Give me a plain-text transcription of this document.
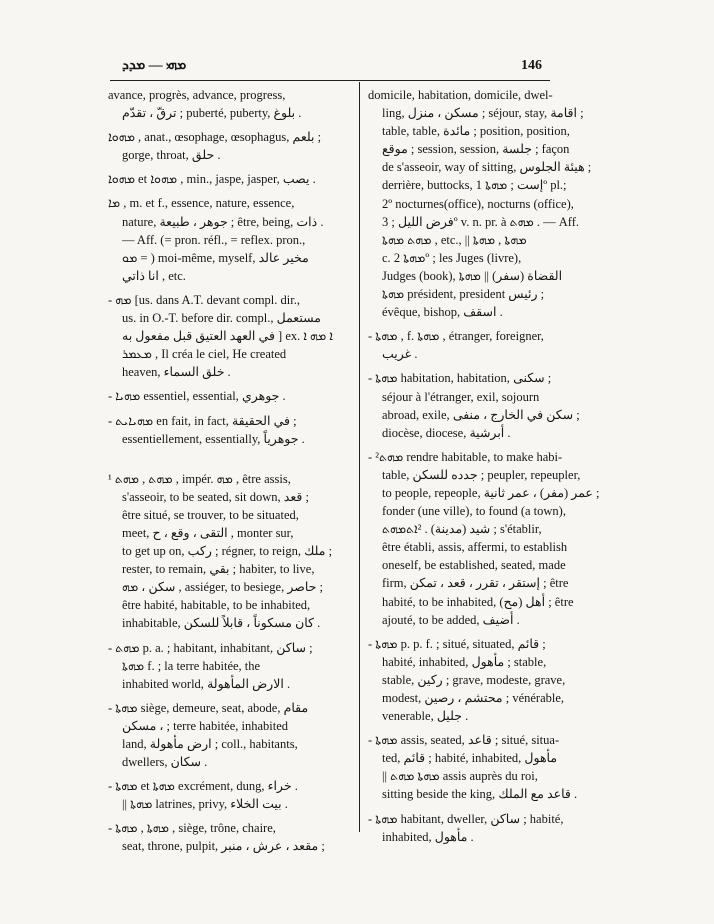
ܡܗܝ — ܡܕܕ	146
avance, progrès, advance, progress,
ترقّ ، تقدّم ; puberté, puberty, بلوغ .
ܡܗܘܐ , anat., œsophage, œsophagus, بلعم ;
gorge, throat, حلق .
ܡܗܘܐ et ܡܗܘܐ , min., jaspe, jasper, يصب .
ܡܐ , m. et f., essence, nature, essence,
nature, جوهر ، طبيعة ; être, being, ذات .
— Aff. (= pron. réfl., = reflex. pron.,
ܡܘ = ) moi-même, myself, مخير عالد
انا ذاتي , etc.
- ܡܗ [us. dans A.T. devant compl. dir.,
us. in O.-T. before dir. compl., مستعمل
في العهد العتيق قبل مفعول به ] ex. ܐ ܡܗ ܐ
ܡܥܡܪ , Il créa le ciel, He created
heaven, خلق السماء .
- ܡܗܝܐ essentiel, essential, جوهري .
- ܡܗܝܐܝܬ en fait, in fact, في الحقيقة ;
essentiellement, essentially, جوهرياً .
¹ ܡܗܬ , ܡܗܬ , impér. ܡܗ , être assis,
s'asseoir, to be seated, sit down, قعد ;
être situé, se trouver, to be situated,
meet, التقى ، وقع ، ح , monter sur,
to get up on, ركب ; régner, to reign, ملك ;
rester, to remain, بقي ; habiter, to live,
سكن ، ܡܗ , assiéger, to besiege, حاصر ;
être habité, habitable, to be inhabited,
inhabitable, كان مسكوناً ، قابلاً للسكن .
- ܡܗܬ p. a. ; habitant, inhabitant, ساكن ;
ܡܗܬܐ f. ; la terre habitée, the
inhabited world, الارض المأهولة .
- ܡܗܬܐ siège, demeure, seat, abode, مقام
مسكن ، ; terre habitée, inhabited
land, ارض مأهولة ; coll., habitants,
dwellers, سكان .
- ܡܗܬܐ et ܡܗܬܐ excrément, dung, خراء .
|| ܡܗܬܐ latrines, privy, بيت الخلاء .
- ܡܗܬܐ , ܡܗܬܐ , siège, trône, chaire,
seat, throne, pulpit, مقعد ، عرش ، منبر ;
domicile, habitation, domicile, dwel-
ling, مسكن ، منزل ; séjour, stay, اقامة ;
table, table, مائدة ; position, position,
موقع ; session, session, جلسة ; façon
de s'asseoir, way of sitting, هيئة الجلوس ;
derrière, buttocks, إست ; ܡܗܬܐ 1º pl.;
2º nocturnes(office), nocturns (office),
فرض الليل ; 3º v. n. pr. à ܡܗܬ . — Aff.
ܡܗܬ ܡܗܬܐ , etc., || ܡܗܬܐ , ܡܗܬܐ
c. ܡܗܬܐ 2º ; les Juges (livre),
Judges (book), القضاة (سفر) || ܡܗܬܐ
ܡܗܬܐ président, president رئيس ;
évêque, bishop, اسقف .
- ܡܗܬܐ , f. ܡܗܬܐ , étranger, foreigner,
غريب .
- ܡܗܬܐ habitation, habitation, سكنى ;
séjour à l'étranger, exil, sojourn
abroad, exile, سكن في الخارج ، منفى ;
diocèse, diocese, أبرشية .
- ²ܡܗܬ rendre habitable, to make habi-
table, جدده للسكن ; peupler, repeupler,
to people, repeople, عمر (مفر) ، عمر ثانية ;
fonder (une ville), to found (a town),
شيد (مدينة) . ²ܐܬܡܗܬ ; s'établir,
être établi, assis, affermi, to establish
oneself, be established, seated, made
firm, إستقر ، تقرر ، قعد ، تمكن ; être
habité, to be inhabited, أهل (مح) ; être
ajouté, to be added, أضيف .
- ܡܗܬܐ p. p. f. ; situé, situated, قائم ;
habité, inhabited, مأهول ; stable,
stable, ركين ; grave, modeste, grave,
modest, محتشم ، رصين ; vénérable,
venerable, جليل .
- ܡܗܬܐ assis, seated, قاعد ; situé, situa-
ted, قائم ; habité, inhabited, مأهول
|| ܡܗܬܐ ܡܗܬ assis auprès du roi,
sitting beside the king, قاعد مع الملك .
- ܡܗܬܐ habitant, dweller, ساكن ; habité,
inhabited, مأهول .
